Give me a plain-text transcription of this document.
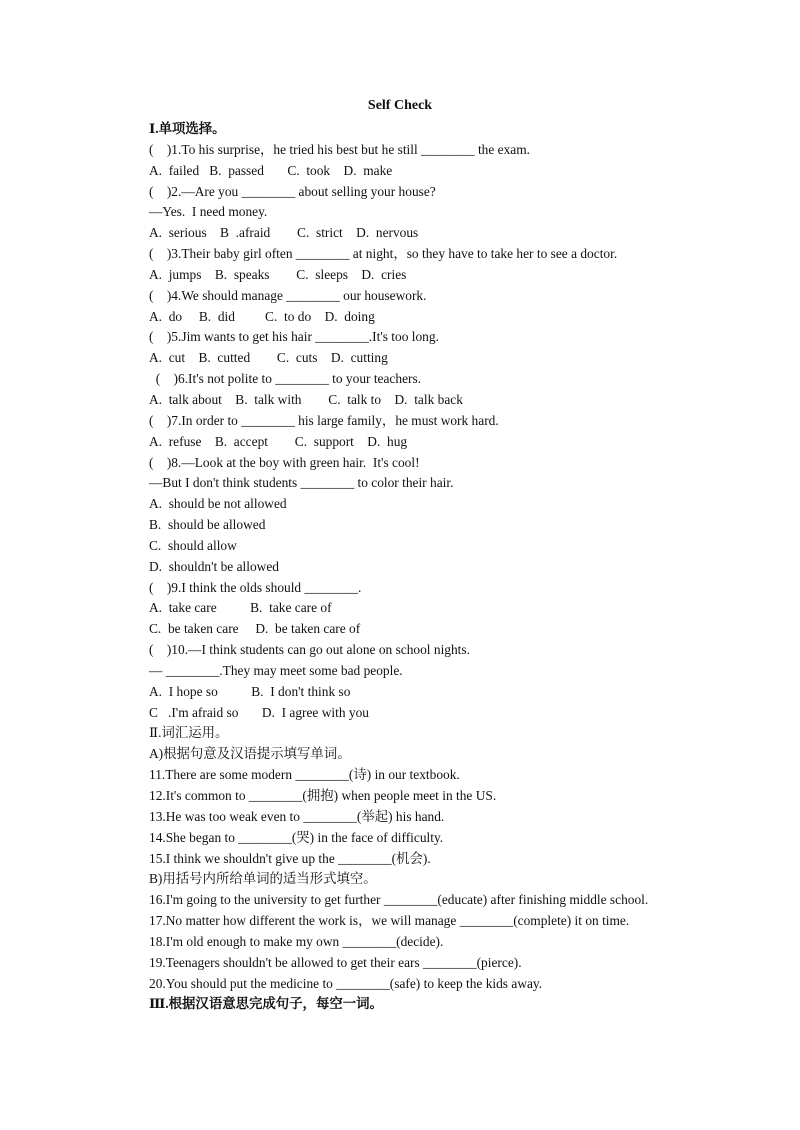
Self Check
Ⅰ.单项选择。
(    )1.To his surprise，he tried his best but he still ________ the exam.
A.  failed   B.  passed       C.  took    D.  make
(    )2.—Are you ________ about selling your house?
—Yes.  I need money.
A.  serious    B  .afraid        C.  strict    D.  nervous
(    )3.Their baby girl often ________ at night，so they have to take her to see a doctor.
A.  jumps    B.  speaks        C.  sleeps    D.  cries
(    )4.We should manage ________ our housework.
A.  do     B.  did         C.  to do    D.  doing
(    )5.Jim wants to get his hair ________.It's too long.
A.  cut    B.  cutted        C.  cuts    D.  cutting
(    )6.It's not polite to ________ to your teachers.
A.  talk about    B.  talk with        C.  talk to    D.  talk back
(    )7.In order to ________ his large family，he must work hard.
A.  refuse    B.  accept        C.  support    D.  hug
(    )8.—Look at the boy with green hair.  It's cool!
—But I don't think students ________ to color their hair.
A.  should be not allowed
B.  should be allowed
C.  should allow
D.  shouldn't be allowed
(    )9.I think the olds should ________.
A.  take care          B.  take care of
C.  be taken care     D.  be taken care of
(    )10.—I think students can go out alone on school nights.
— ________.They may meet some bad people.
A.  I hope so          B.  I don't think so
C   .I'm afraid so       D.  I agree with you
Ⅱ.词汇运用。
A)根据句意及汉语提示填写单词。
11.There are some modern ________(诗) in our textbook.
12.It's common to ________(拥抱) when people meet in the US.
13.He was too weak even to ________(举起) his hand.
14.She began to ________(哭) in the face of difficulty.
15.I think we shouldn't give up the ________(机会).
B)用括号内所给单词的适当形式填空。
16.I'm going to the university to get further ________(educate) after finishing middle school.
17.No matter how different the work is，we will manage ________(complete) it on time.
18.I'm old enough to make my own ________(decide).
19.Teenagers shouldn't be allowed to get their ears ________(pierce).
20.You should put the medicine to ________(safe) to keep the kids away.
Ⅲ.根据汉语意思完成句子，每空一词。
